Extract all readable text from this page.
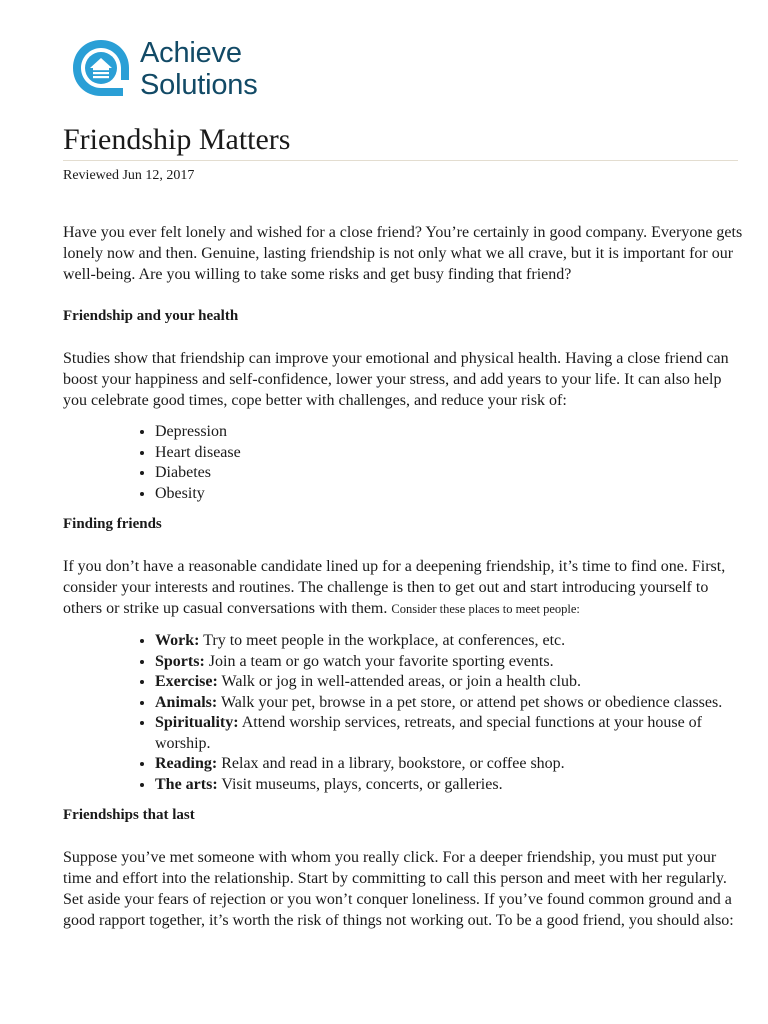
Achieve
Solutions
Friendship Matters
Reviewed Jun 12, 2017

Have you ever felt lonely and wished for a close friend? You’re certainly in good company. Everyone gets lonely now and then. Genuine, lasting friendship is not only what we all crave, but it is important for our well-being. Are you willing to take some risks and get busy finding that friend?

Friendship and your health

Studies show that friendship can improve your emotional and physical health. Having a close friend can boost your happiness and self-confidence, lower your stress, and add years to your life. It can also help you celebrate good times, cope better with challenges, and reduce your risk of:

• Depression
• Heart disease
• Diabetes
• Obesity
Finding friends

If you don’t have a reasonable candidate lined up for a deepening friendship, it’s time to find one. First, consider your interests and routines. The challenge is then to get out and start introducing yourself to others or strike up casual conversations with them. Consider these places to meet people:

• Work: Try to meet people in the workplace, at conferences, etc.
• Sports: Join a team or go watch your favorite sporting events.
• Exercise: Walk or jog in well-attended areas, or join a health club.
• Animals: Walk your pet, browse in a pet store, or attend pet shows or obedience classes.
• Spirituality: Attend worship services, retreats, and special functions at your house of worship.
• Reading: Relax and read in a library, bookstore, or coffee shop.
• The arts: Visit museums, plays, concerts, or galleries.
Friendships that last

Suppose you’ve met someone with whom you really click. For a deeper friendship, you must put your time and effort into the relationship. Start by committing to call this person and meet with her regularly. Set aside your fears of rejection or you won’t conquer loneliness. If you’ve found common ground and a good rapport together, it’s worth the risk of things not working out. To be a good friend, you should also:
